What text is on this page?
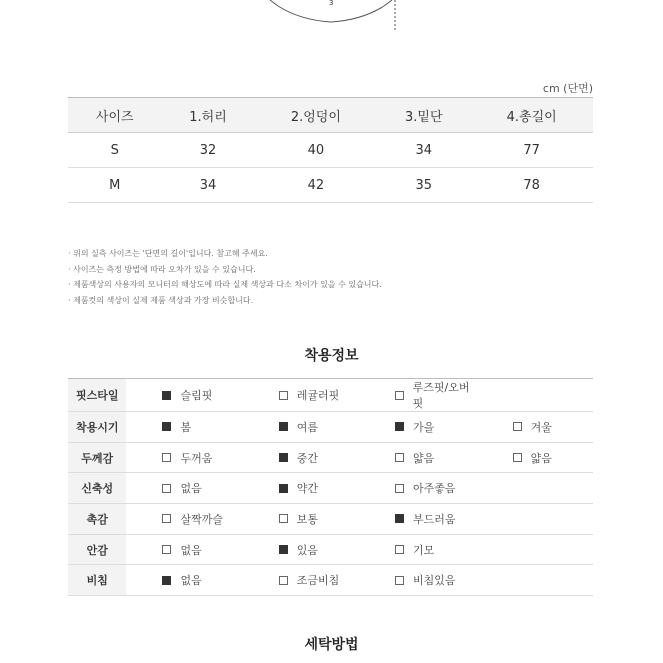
3
cm (단면)
사이즈	1.허리	2.엉덩이	3.밑단	4.총길이
S	32	40	34	77
M	34	42	35	78
· 위의 실측 사이즈는 '단면의 길이'입니다. 참고해 주세요.
· 사이즈는 측정 방법에 따라 오차가 있을 수 있습니다.
· 제품색상의 사용자의 모니터의 해상도에 따라 실제 색상과 다소 차이가 있을 수 있습니다.
· 제품컷의 색상이 실제 제품 색상과 가장 비슷합니다.
착용정보
핏스타일	슬림핏	레귤러핏	루즈핏/오버핏	

착용시기	봄	여름	가을	겨울

두께감	두꺼움	중간	얇음	얇음

신축성	없음	약간	아주좋음	

촉감	살짝까슬	보통	부드러움	

안감	없음	있음	기모	

비침	없음	조금비침	비침있음	

세탁방법
